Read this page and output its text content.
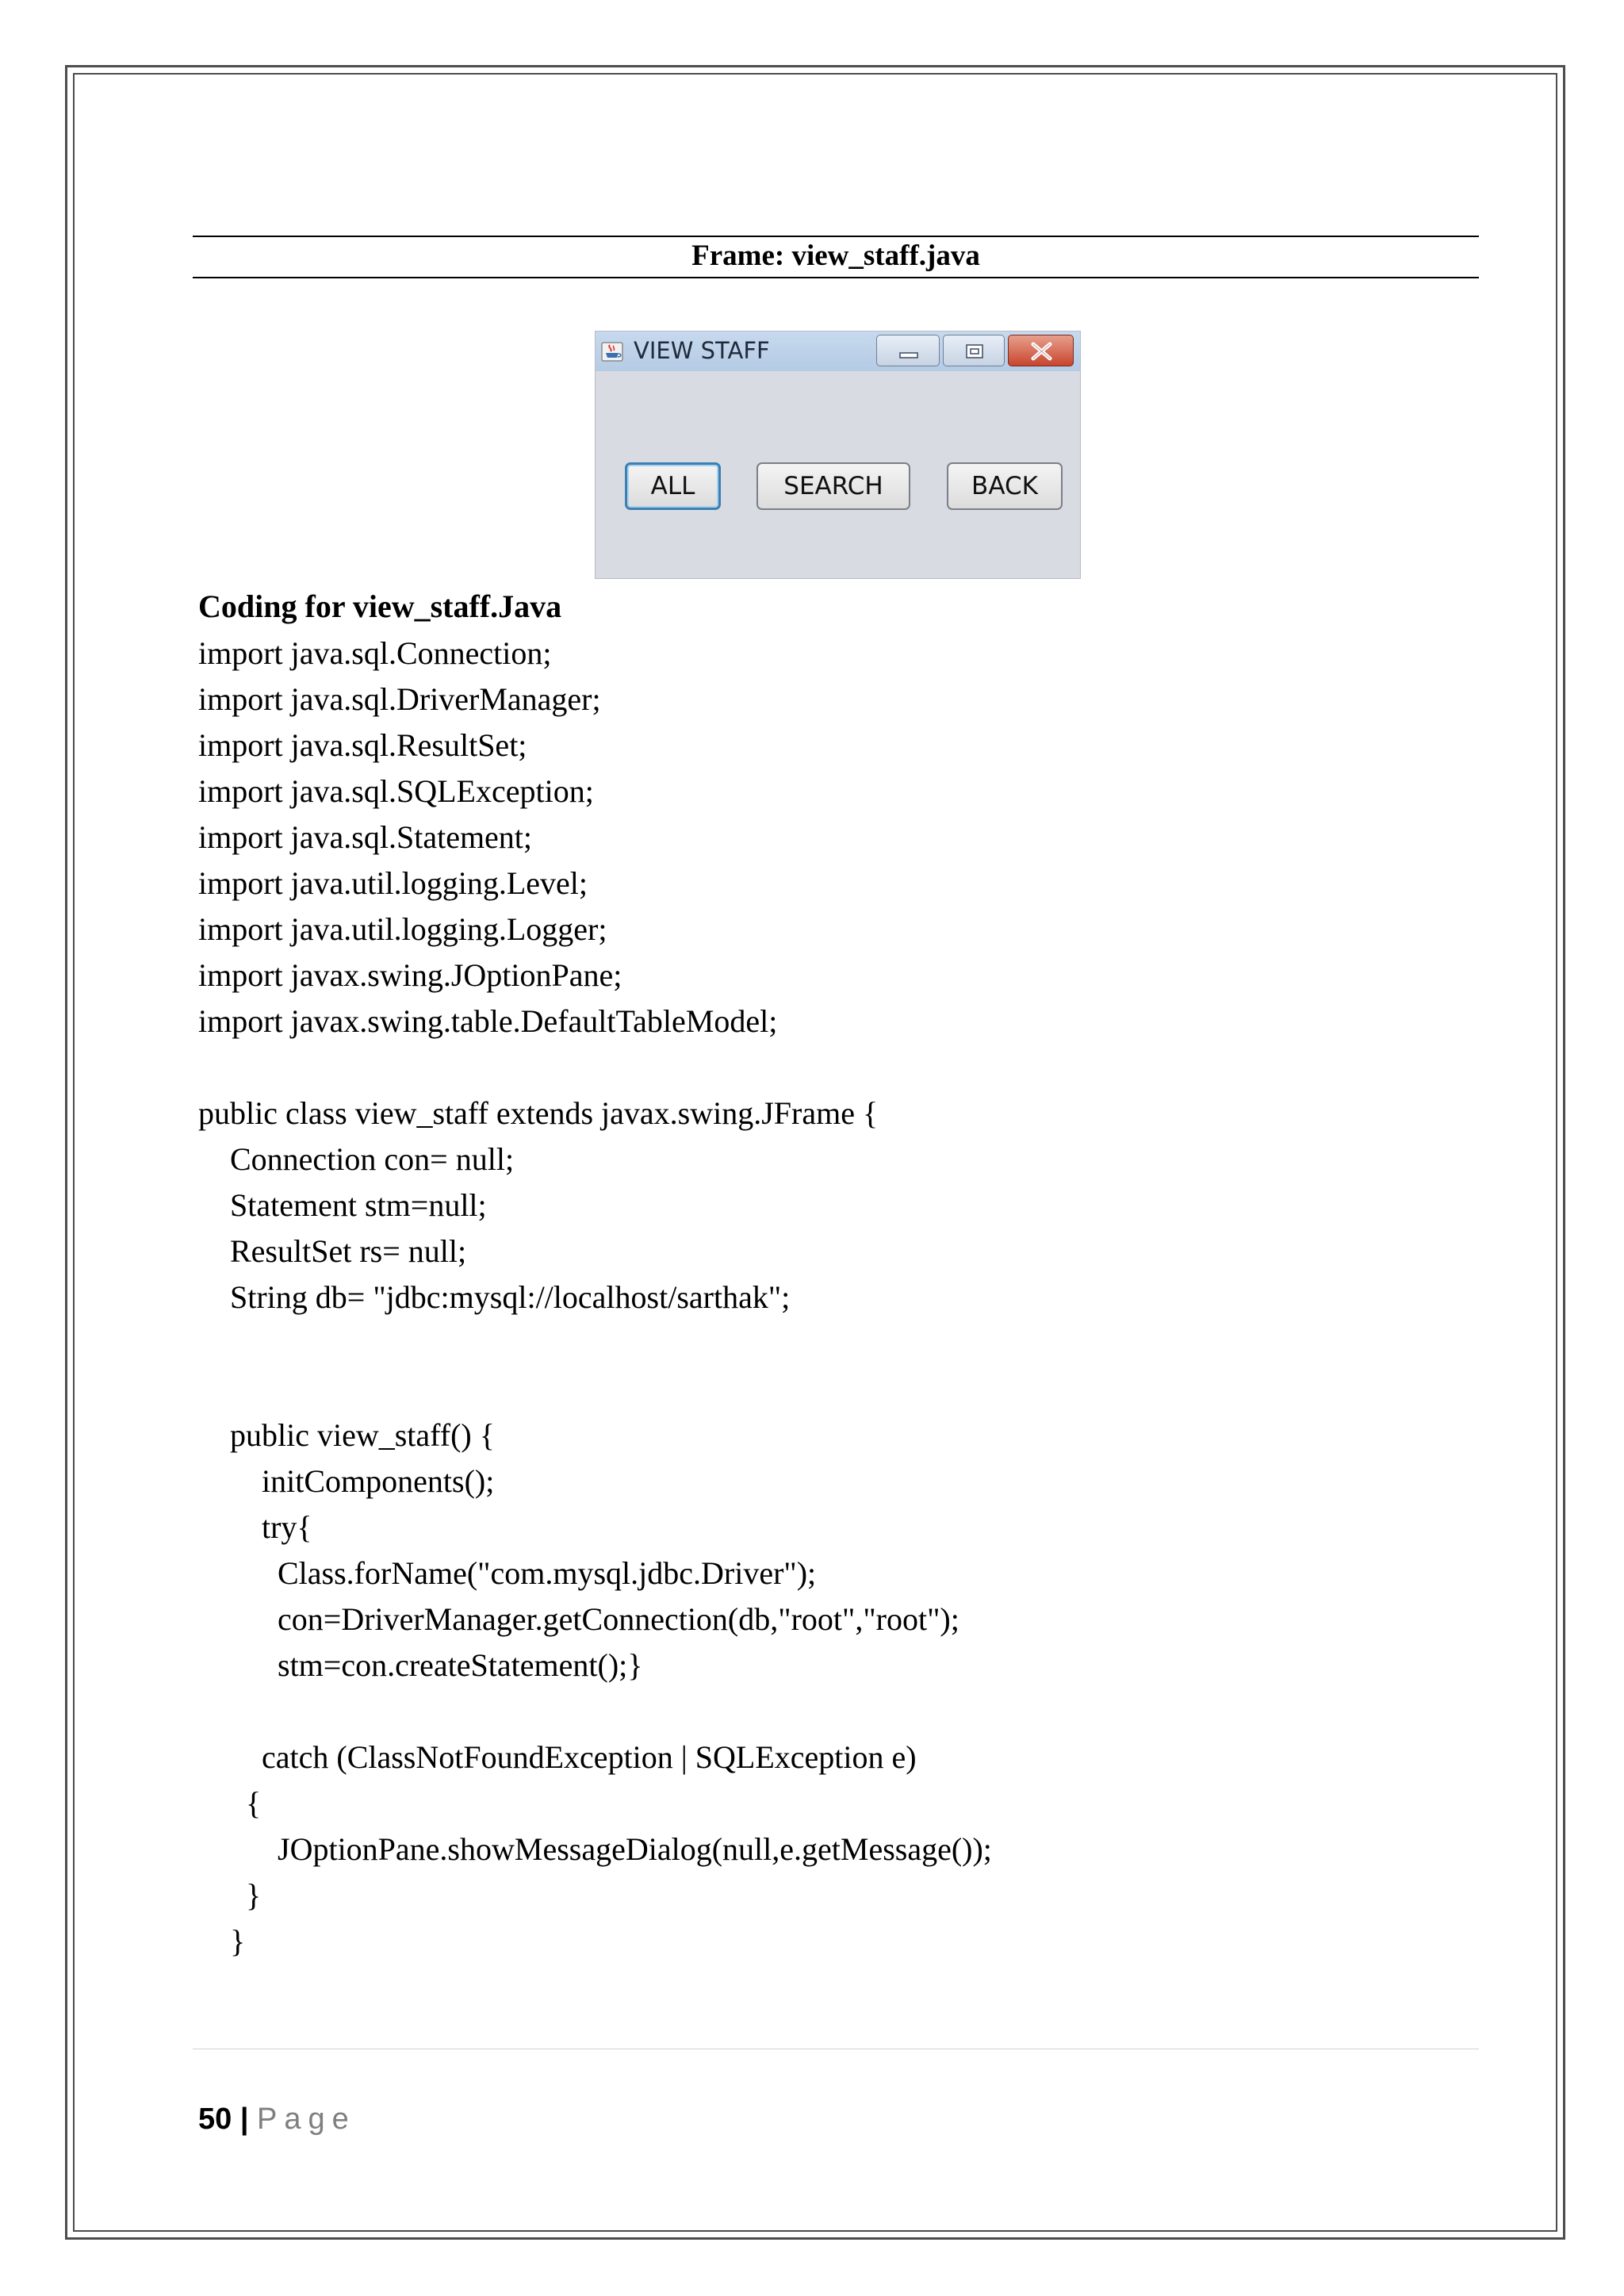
Frame: view_staff.java
VIEW STAFF
ALL	SEARCH	BACK
Coding for view_staff.Java
import java.sql.Connection;
import java.sql.DriverManager;
import java.sql.ResultSet;
import java.sql.SQLException;
import java.sql.Statement;
import java.util.logging.Level;
import java.util.logging.Logger;
import javax.swing.JOptionPane;
import javax.swing.table.DefaultTableModel;
public class view_staff extends javax.swing.JFrame {
Connection con= null;
Statement stm=null;
ResultSet rs= null;
String db= "jdbc:mysql://localhost/sarthak";
public view_staff() {
initComponents();
try{
Class.forName("com.mysql.jdbc.Driver");
con=DriverManager.getConnection(db,"root","root");
stm=con.createStatement();}
catch (ClassNotFoundException | SQLException e)
{
JOptionPane.showMessageDialog(null,e.getMessage());
}
}
50 | Page
